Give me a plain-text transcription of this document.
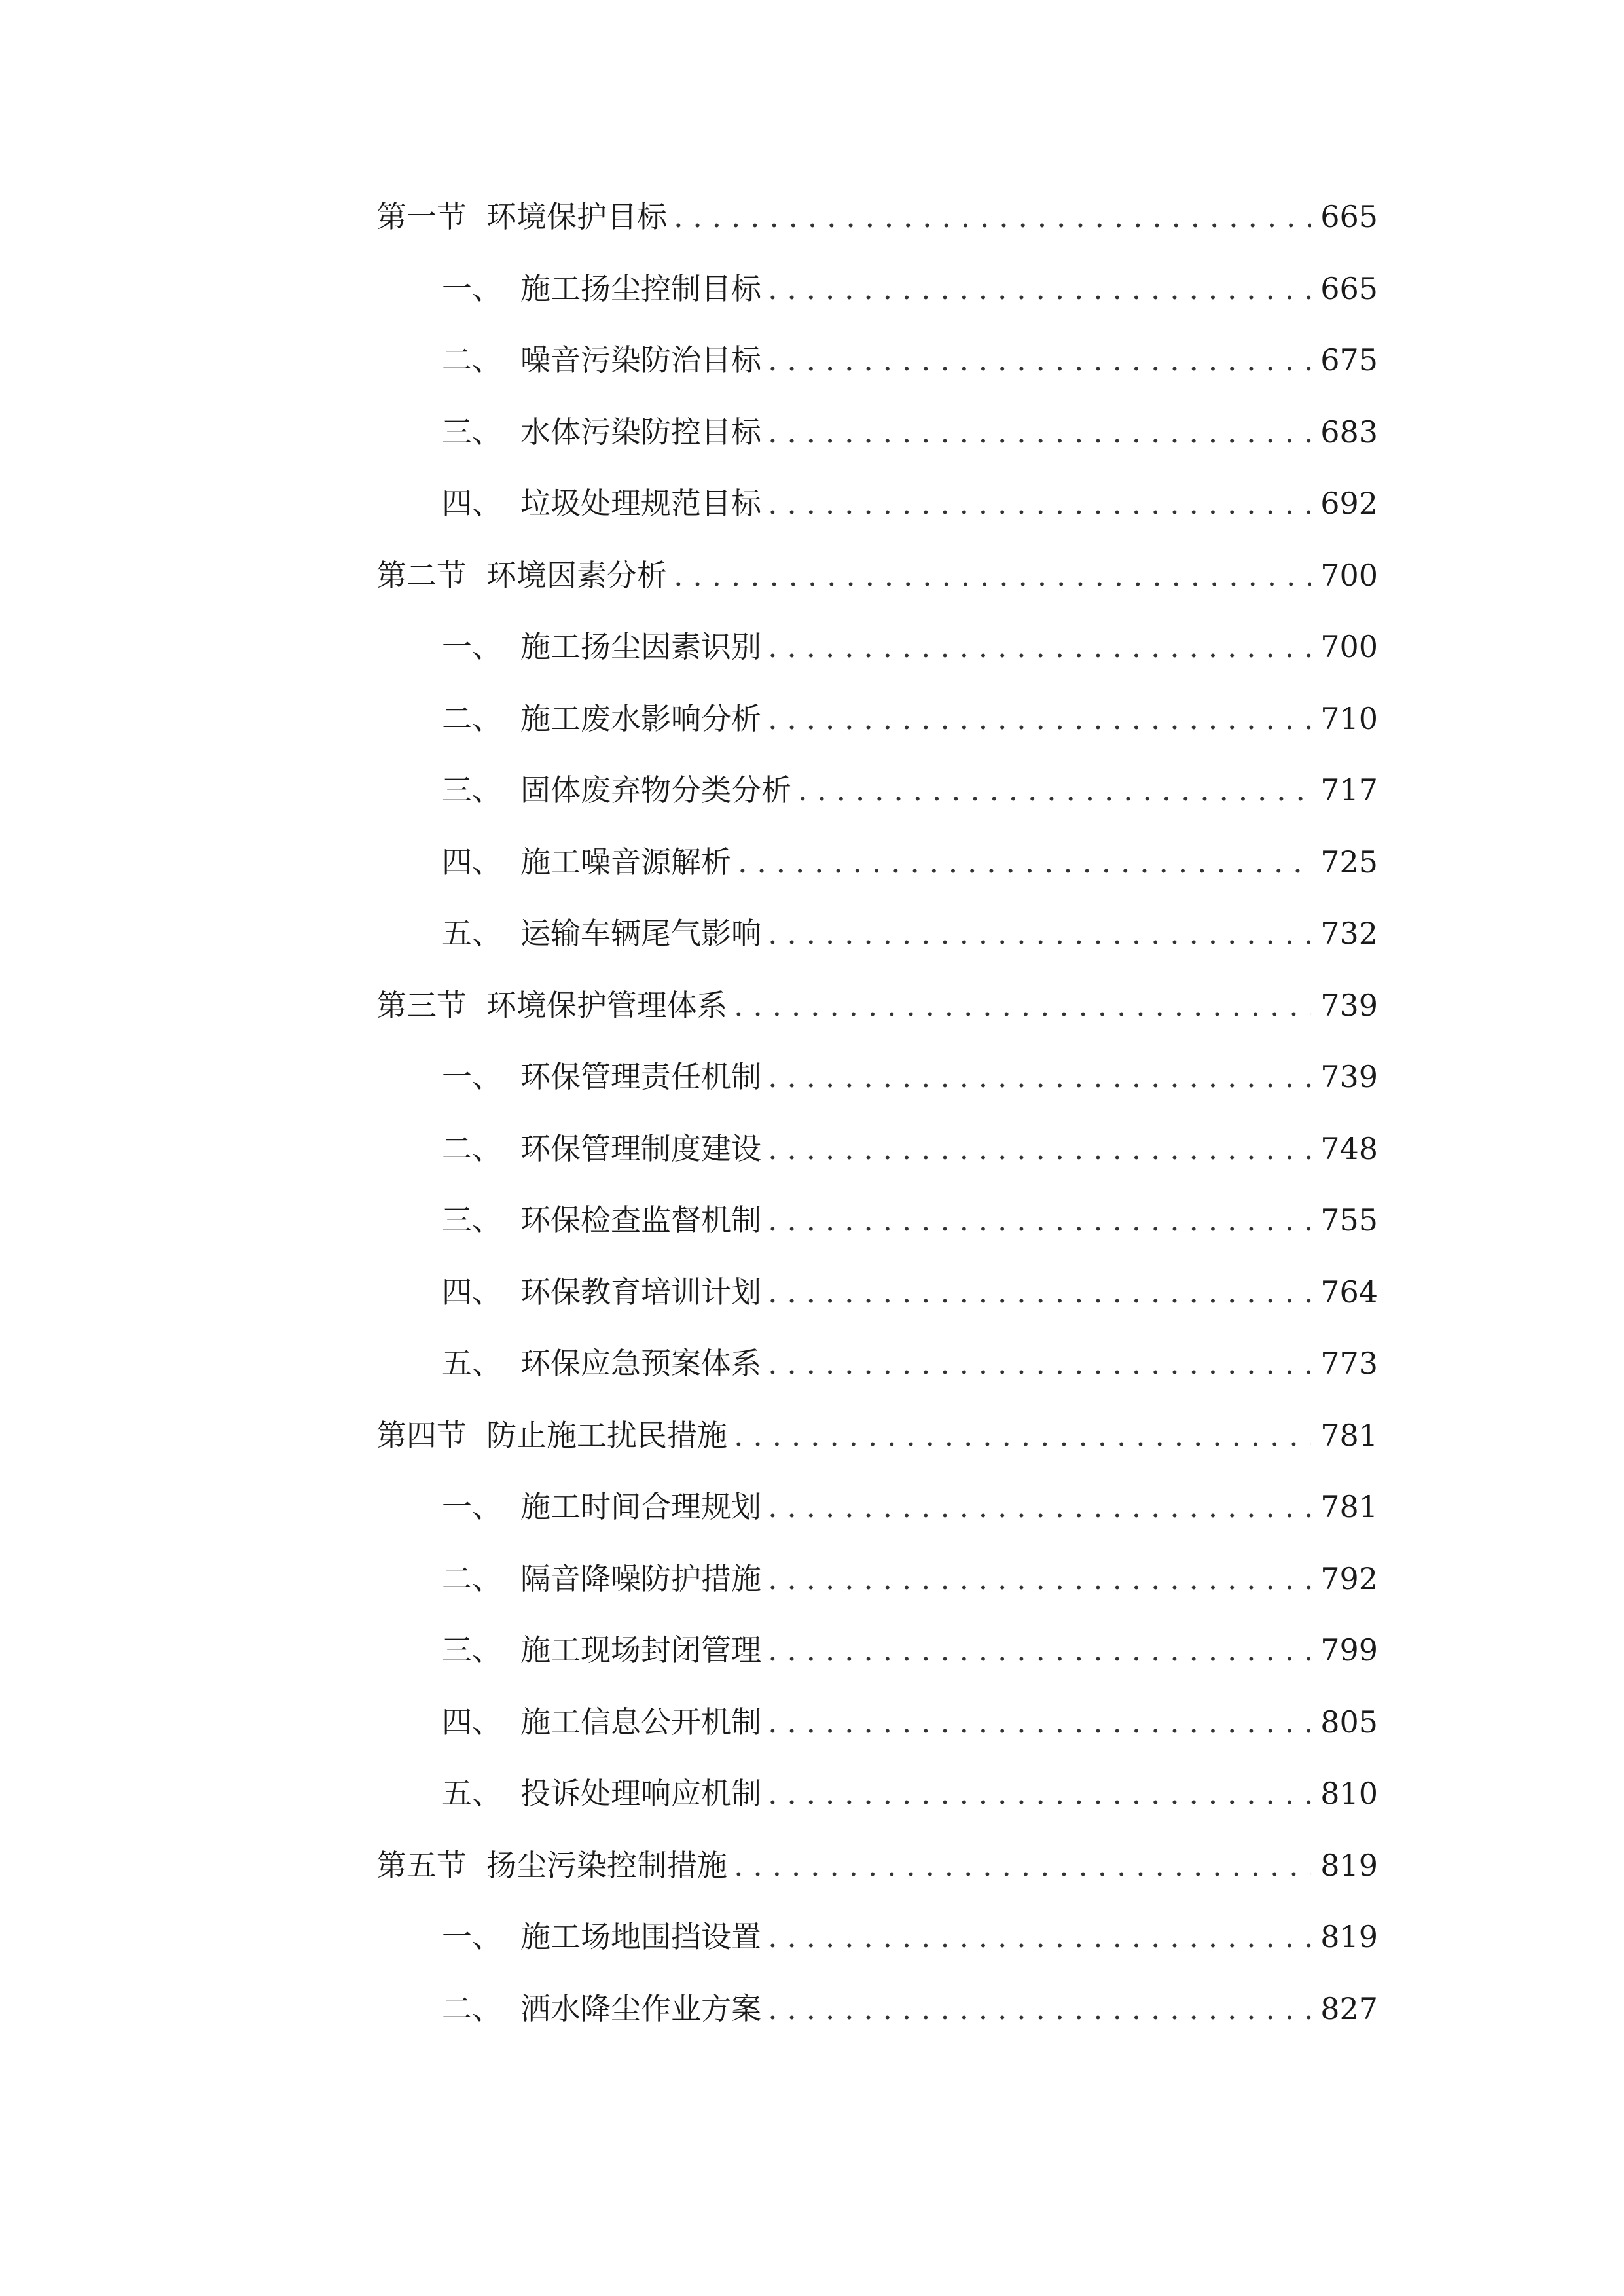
第一节 环境保护目标 . . .	665
一、 施工扬尘控制目标 . . .	665
二、 噪音污染防治目标 . . .	675
三、 水体污染防控目标 . . .	683
四、 垃圾处理规范目标 . . .	692
第二节 环境因素分析 . . .	700
一、 施工扬尘因素识别 . . .	700
二、 施工废水影响分析 . . .	710
三、 固体废弃物分类分析 . . .	717
四、 施工噪音源解析 . . .	725
五、 运输车辆尾气影响 . . .	732
第三节 环境保护管理体系 . . .	739
一、 环保管理责任机制 . . .	739
二、 环保管理制度建设 . . .	748
三、 环保检查监督机制 . . .	755
四、 环保教育培训计划 . . .	764
五、 环保应急预案体系 . . .	773
第四节 防止施工扰民措施 . . .	781
一、 施工时间合理规划 . . .	781
二、 隔音降噪防护措施 . . .	792
三、 施工现场封闭管理 . . .	799
四、 施工信息公开机制 . . .	805
五、 投诉处理响应机制 . . .	810
第五节 扬尘污染控制措施 . . .	819
一、 施工场地围挡设置 . . .	819
二、 洒水降尘作业方案 . . .	827
